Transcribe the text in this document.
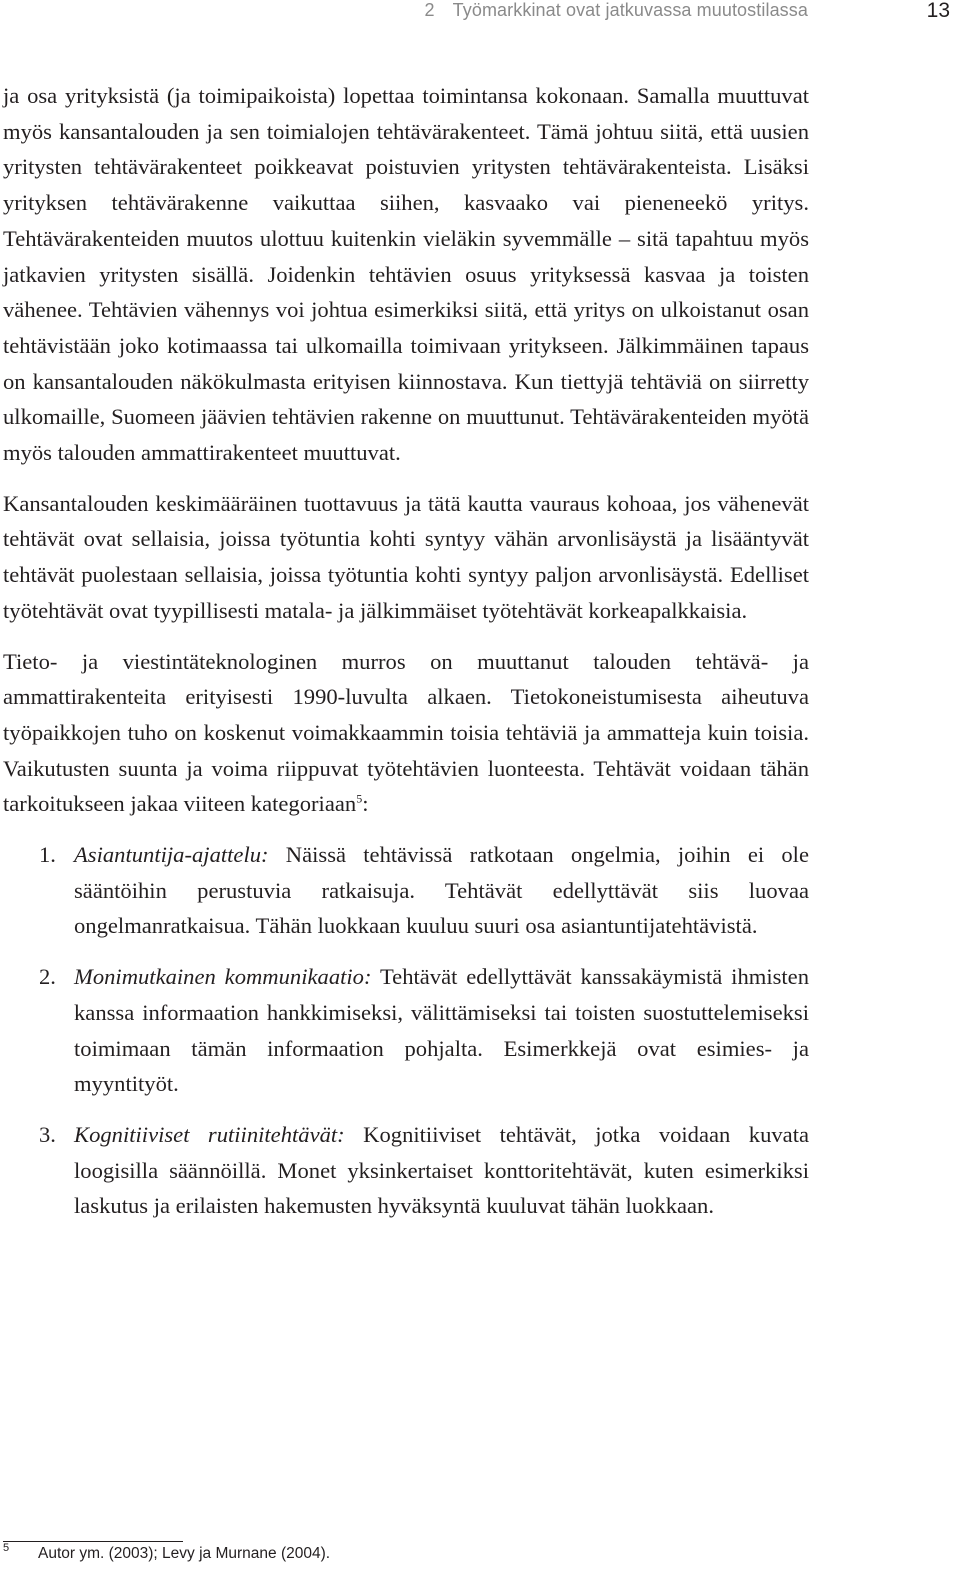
2 Työmarkkinat ovat jatkuvassa muutostilassa	13

ja osa yrityksistä (ja toimipaikoista) lopettaa toimintansa kokonaan. Samalla muuttuvat myös kansantalouden ja sen toimialojen tehtävärakenteet. Tämä johtuu siitä, että uusien yritysten tehtävärakenteet poikkeavat poistuvien yritysten tehtävärakenteista. Lisäksi yrityksen tehtävärakenne vaikuttaa siihen, kasvaako vai pieneneekö yritys. Tehtävärakenteiden muutos ulottuu kuitenkin vieläkin syvemmälle – sitä tapahtuu myös jatkavien yritysten sisällä. Joidenkin tehtävien osuus yrityksessä kasvaa ja toisten vähenee. Tehtävien vähennys voi johtua esimerkiksi siitä, että yritys on ulkoistanut osan tehtävistään joko kotimaassa tai ulkomailla toimivaan yritykseen. Jälkimmäinen tapaus on kansantalouden näkökulmasta erityisen kiinnostava. Kun tiettyjä tehtäviä on siirretty ulkomaille, Suomeen jäävien tehtävien rakenne on muuttunut. Tehtävärakenteiden myötä myös talouden ammattirakenteet muuttuvat.

Kansantalouden keskimääräinen tuottavuus ja tätä kautta vauraus kohoaa, jos vähenevät tehtävät ovat sellaisia, joissa työtuntia kohti syntyy vähän arvonlisäystä ja lisääntyvät tehtävät puolestaan sellaisia, joissa työtuntia kohti syntyy paljon arvonlisäystä. Edelliset työtehtävät ovat tyypillisesti matala- ja jälkimmäiset työtehtävät korkeapalkkaisia.

Tieto- ja viestintäteknologinen murros on muuttanut talouden tehtävä- ja ammattirakenteita erityisesti 1990-luvulta alkaen. Tietokoneistumisesta aiheutuva työpaikkojen tuho on koskenut voimakkaammin toisia tehtäviä ja ammatteja kuin toisia. Vaikutusten suunta ja voima riippuvat työtehtävien luonteesta. Tehtävät voidaan tähän tarkoitukseen jakaa viiteen kategoriaan$^5$:

1. Asiantuntija-ajattelu: Näissä tehtävissä ratkotaan ongelmia, joihin ei ole sääntöihin perustuvia ratkaisuja. Tehtävät edellyttävät siis luovaa ongelmanratkaisua. Tähän luokkaan kuuluu suuri osa asiantuntijatehtävistä.
2. Monimutkainen kommunikaatio: Tehtävät edellyttävät kanssakäymistä ihmisten kanssa informaation hankkimiseksi, välittämiseksi tai toisten suostuttelemiseksi toimimaan tämän informaation pohjalta. Esimerkkejä ovat esimies- ja myyntityöt.
3. Kognitiiviset rutiinitehtävät: Kognitiiviset tehtävät, jotka voidaan kuvata loogisilla säännöillä. Monet yksinkertaiset konttoritehtävät, kuten esimerkiksi laskutus ja erilaisten hakemusten hyväksyntä kuuluvat tähän luokkaan.
5 Autor ym. (2003); Levy ja Murnane (2004).
